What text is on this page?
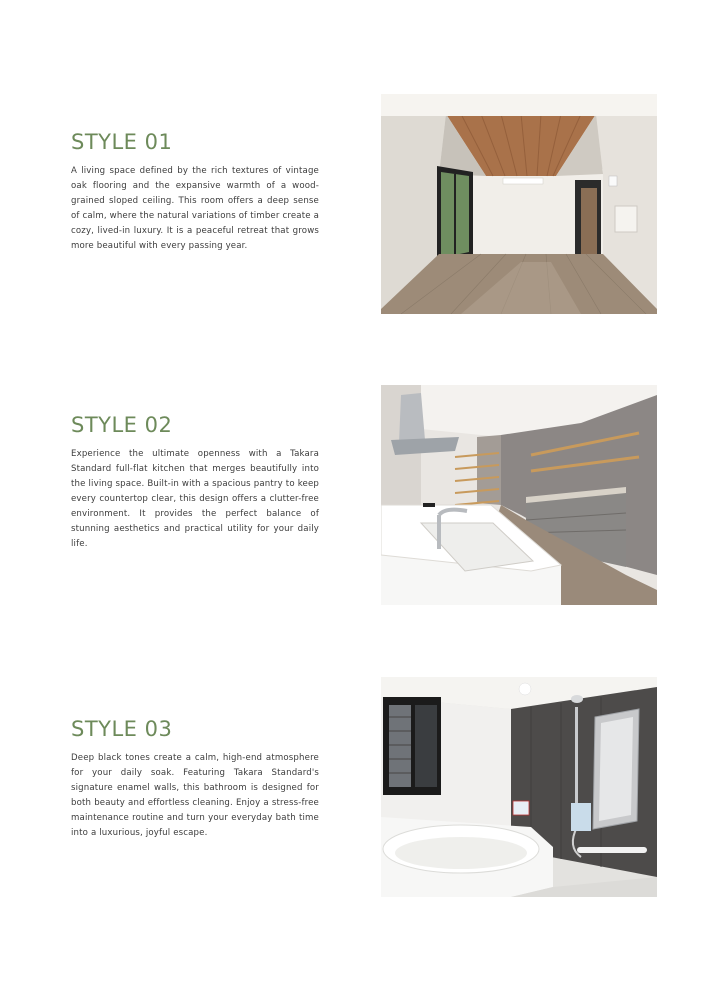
STYLE 01

A living space defined by the rich textures of vintage oak flooring and the expansive warmth of a wood-grained sloped ceiling. This room offers a deep sense of calm, where the natural variations of timber create a cozy, lived-in luxury. It is a peaceful retreat that grows more beautiful with every passing year.

STYLE 02

Experience the ultimate openness with a Takara Standard full-flat kitchen that merges beautifully into the living space. Built-in with a spacious pantry to keep every countertop clear, this design offers a clutter-free environment. It provides the perfect balance of stunning aesthetics and practical utility for your daily life.

STYLE 03

Deep black tones create a calm, high-end atmosphere for your daily soak. Featuring Takara Standard's signature enamel walls, this bathroom is designed for both beauty and effortless cleaning. Enjoy a stress-free maintenance routine and turn your everyday bath time into a luxurious, joyful escape.
